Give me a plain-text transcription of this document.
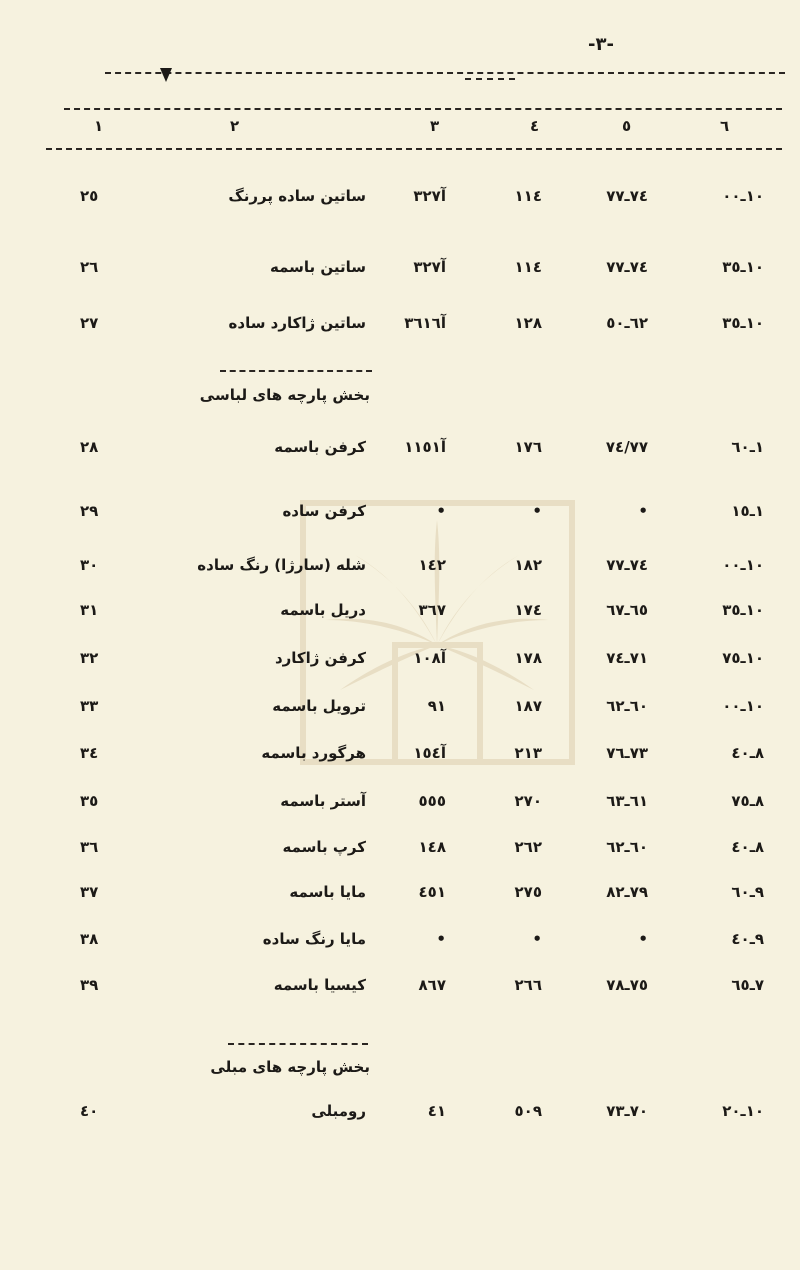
-٣-
١	٢	٣	٤	٥	٦
٢٥	ساتین ساده پررنگ	آ٣٢٧	١١٤	٧٤ـ٧٧	١٠ـ٠٠
٢٦	ساتین باسمه	آ٣٢٧	١١٤	٧٤ـ٧٧	١٠ـ٣٥
٢٧	ساتین ژاکارد ساده	آ٣٦١٦	١٢٨	٦٢ـ٥٠	١٠ـ٣٥
بخش پارچه های لباسی
٢٨	کرفن باسمه	آ١١٥١	١٧٦	٧٤/٧٧	١ـ٦٠
٢٩	کرفن ساده	•	•	•	١ـ١٥
٣٠	شله (سارژا) رنگ ساده	١٤٢	١٨٢	٧٤ـ٧٧	١٠ـ٠٠
٣١	دریل باسمه	٣٦٧	١٧٤	٦٥ـ٦٧	١٠ـ٣٥
٣٢	کرفن ژاکارد	آ١٠٨	١٧٨	٧١ـ٧٤	١٠ـ٧٥
٣٣	ترویل باسمه	٩١	١٨٧	٦٠ـ٦٢	١٠ـ٠٠
٣٤	هرگورد باسمه	آ١٥٤	٢١٣	٧٣ـ٧٦	٨ـ٤٠
٣٥	آستر باسمه	٥٥٥	٢٧٠	٦١ـ٦٣	٨ـ٧٥
٣٦	کرپ باسمه	١٤٨	٢٦٢	٦٠ـ٦٢	٨ـ٤٠
٣٧	مایا باسمه	٤٥١	٢٧٥	٧٩ـ٨٢	٩ـ٦٠
٣٨	مایا رنگ ساده	•	•	•	٩ـ٤٠
٣٩	کیسیا باسمه	٨٦٧	٢٦٦	٧٥ـ٧٨	٧ـ٦٥
بخش پارچه های مبلی
٤٠	رومبلی	٤١	٥٠٩	٧٠ـ٧٣	١٠ـ٢٠
